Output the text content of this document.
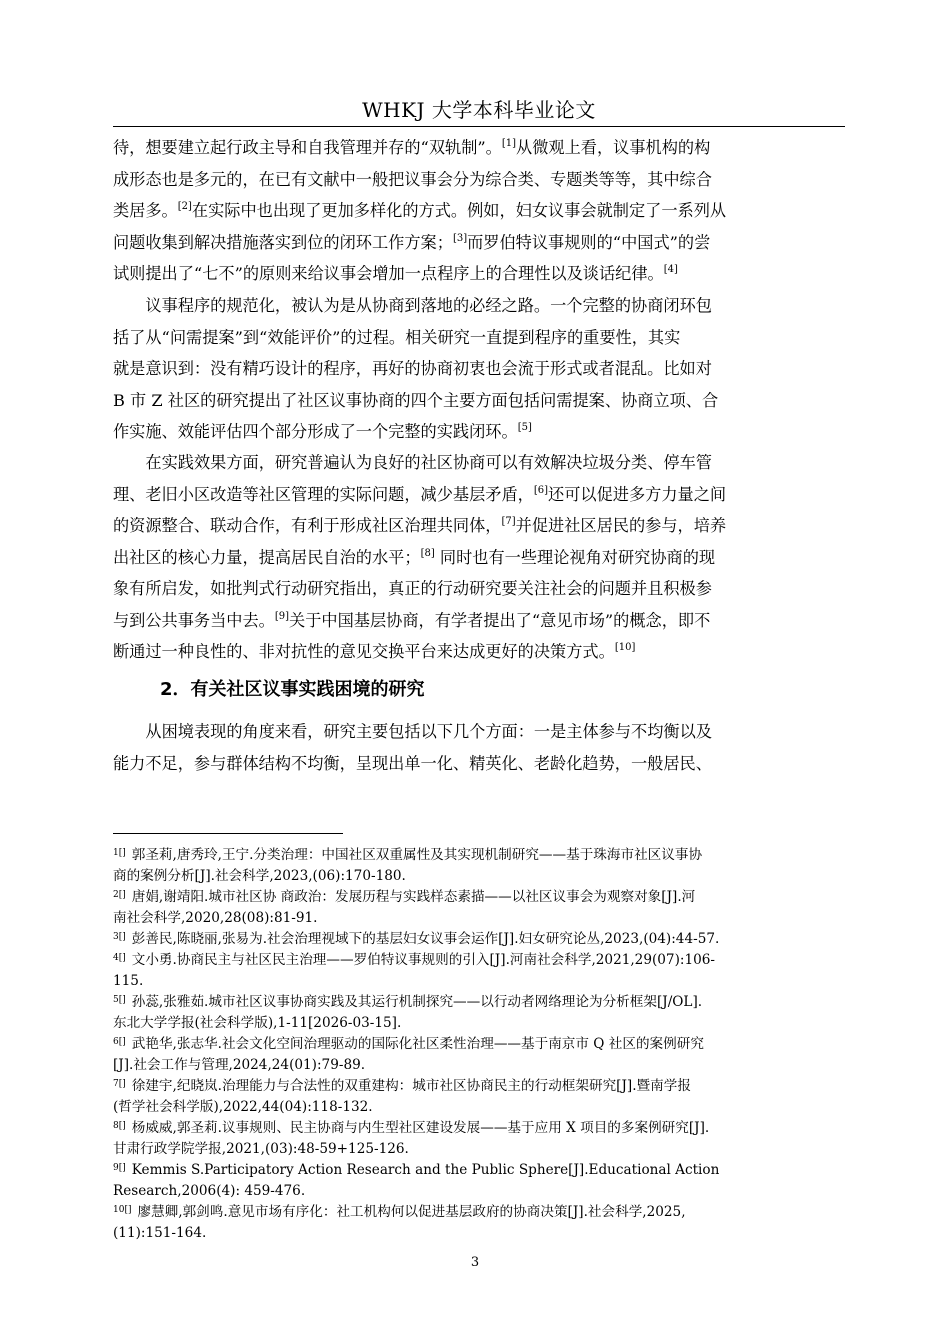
WHKJ 大学本科毕业论文
待，想要建立起行政主导和自我管理并存的“双轨制”。[1]从微观上看，议事机构的构
成形态也是多元的，在已有文献中一般把议事会分为综合类、专题类等等，其中综合
类居多。[2]在实际中也出现了更加多样化的方式。例如，妇女议事会就制定了一系列从
问题收集到解决措施落实到位的闭环工作方案；[3]而罗伯特议事规则的“中国式”的尝
试则提出了“七不”的原则来给议事会增加一点程序上的合理性以及谈话纪律。[4]
议事程序的规范化，被认为是从协商到落地的必经之路。一个完整的协商闭环包
括了从“问需提案”到“效能评价”的过程。相关研究一直提到程序的重要性，其实
就是意识到：没有精巧设计的程序，再好的协商初衷也会流于形式或者混乱。比如对
B 市 Z 社区的研究提出了社区议事协商的四个主要方面包括问需提案、协商立项、合
作实施、效能评估四个部分形成了一个完整的实践闭环。[5]
在实践效果方面，研究普遍认为良好的社区协商可以有效解决垃圾分类、停车管
理、老旧小区改造等社区管理的实际问题，减少基层矛盾，[6]还可以促进多方力量之间
的资源整合、联动合作，有利于形成社区治理共同体，[7]并促进社区居民的参与，培养
出社区的核心力量，提高居民自治的水平；[8] 同时也有一些理论视角对研究协商的现
象有所启发，如批判式行动研究指出，真正的行动研究要关注社会的问题并且积极参
与到公共事务当中去。[9]关于中国基层协商，有学者提出了“意见市场”的概念，即不
断通过一种良性的、非对抗性的意见交换平台来达成更好的决策方式。[10]
2．有关社区议事实践困境的研究
从困境表现的角度来看，研究主要包括以下几个方面：一是主体参与不均衡以及
能力不足，参与群体结构不均衡，呈现出单一化、精英化、老龄化趋势，一般居民、
$^{1[]}$ 郭圣莉,唐秀玲,王宁.分类治理：中国社区双重属性及其实现机制研究——基于珠海市社区议事协
商的案例分析[J].社会科学,2023,(06):170-180.
$^{2[]}$ 唐娟,谢靖阳.城市社区协 商政治：发展历程与实践样态素描——以社区议事会为观察对象[J].河
南社会科学,2020,28(08):81-91.
$^{3[]}$ 彭善民,陈晓丽,张易为.社会治理视域下的基层妇女议事会运作[J].妇女研究论丛,2023,(04):44-57.
$^{4[]}$ 文小勇.协商民主与社区民主治理——罗伯特议事规则的引入[J].河南社会科学,2021,29(07):106-
115.
$^{5[]}$ 孙蕊,张雅茹.城市社区议事协商实践及其运行机制探究——以行动者网络理论为分析框架[J/OL].
东北大学学报(社会科学版),1-11[2026-03-15].
$^{6[]}$ 武艳华,张志华.社会文化空间治理驱动的国际化社区柔性治理——基于南京市 Q 社区的案例研究
[J].社会工作与管理,2024,24(01):79-89.
$^{7[]}$ 徐建宇,纪晓岚.治理能力与合法性的双重建构：城市社区协商民主的行动框架研究[J].暨南学报
(哲学社会科学版),2022,44(04):118-132.
$^{8[]}$ 杨威威,郭圣莉.议事规则、民主协商与内生型社区建设发展——基于应用 X 项目的多案例研究[J].
甘肃行政学院学报,2021,(03):48-59+125-126.
$^{9[]}$ Kemmis S.Participatory Action Research and the Public Sphere[J].Educational Action
Research,2006(4): 459-476.
$^{10[]}$ 廖慧卿,郭剑鸣.意见市场有序化：社工机构何以促进基层政府的协商决策[J].社会科学,2025,
(11):151-164.
3
